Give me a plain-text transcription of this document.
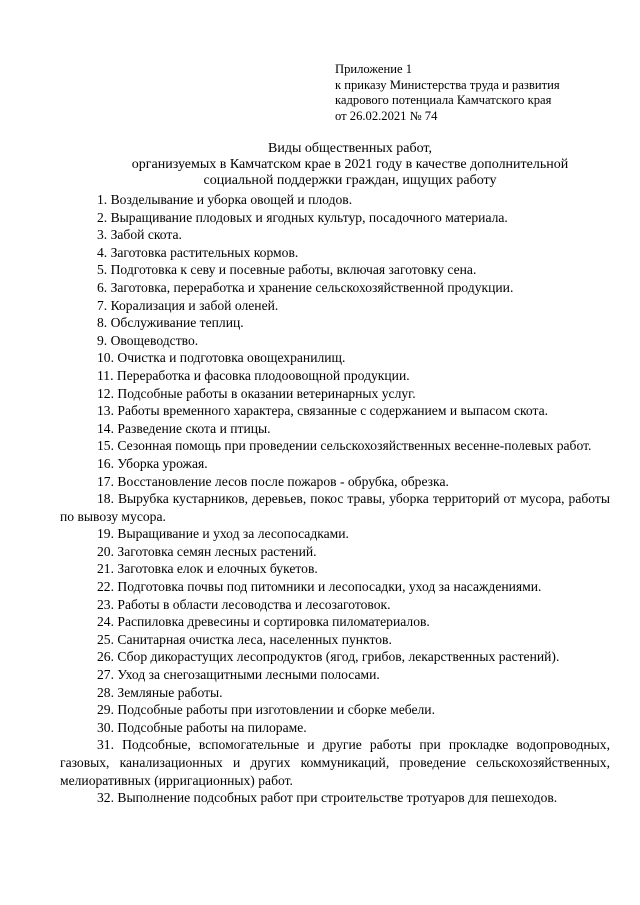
Приложение 1
к приказу Министерства труда и развития
кадрового потенциала Камчатского края
от 26.02.2021 № 74
Виды общественных работ,
организуемых в Камчатском крае в 2021 году в качестве дополнительной
социальной поддержки граждан, ищущих работу
1. Возделывание и уборка овощей и плодов.
2. Выращивание плодовых и ягодных культур, посадочного материала.
3. Забой скота.
4. Заготовка растительных кормов.
5. Подготовка к севу и посевные работы, включая заготовку сена.
6. Заготовка, переработка и хранение сельскохозяйственной продукции.
7. Корализация и забой оленей.
8. Обслуживание теплиц.
9. Овощеводство.
10. Очистка и подготовка овощехранилищ.
11. Переработка и фасовка плодоовощной продукции.
12. Подсобные работы в оказании ветеринарных услуг.
13. Работы временного характера, связанные с содержанием и выпасом скота.
14. Разведение скота и птицы.
15. Сезонная помощь при проведении сельскохозяйственных весенне-полевых работ.
16. Уборка урожая.
17. Восстановление лесов после пожаров - обрубка, обрезка.
18. Вырубка кустарников, деревьев, покос травы, уборка территорий от мусора, работы по вывозу мусора.
19. Выращивание и уход за лесопосадками.
20. Заготовка семян лесных растений.
21. Заготовка елок и елочных букетов.
22. Подготовка почвы под питомники и лесопосадки, уход за насаждениями.
23. Работы в области лесоводства и лесозаготовок.
24. Распиловка древесины и сортировка пиломатериалов.
25. Санитарная очистка леса, населенных пунктов.
26. Сбор дикорастущих лесопродуктов (ягод, грибов, лекарственных растений).
27. Уход за снегозащитными лесными полосами.
28. Земляные работы.
29. Подсобные работы при изготовлении и сборке мебели.
30. Подсобные работы на пилораме.
31. Подсобные, вспомогательные и другие работы при прокладке водопроводных, газовых, канализационных и других коммуникаций, проведение сельскохозяйственных, мелиоративных (ирригационных) работ.
32. Выполнение подсобных работ при строительстве тротуаров для пешеходов.
